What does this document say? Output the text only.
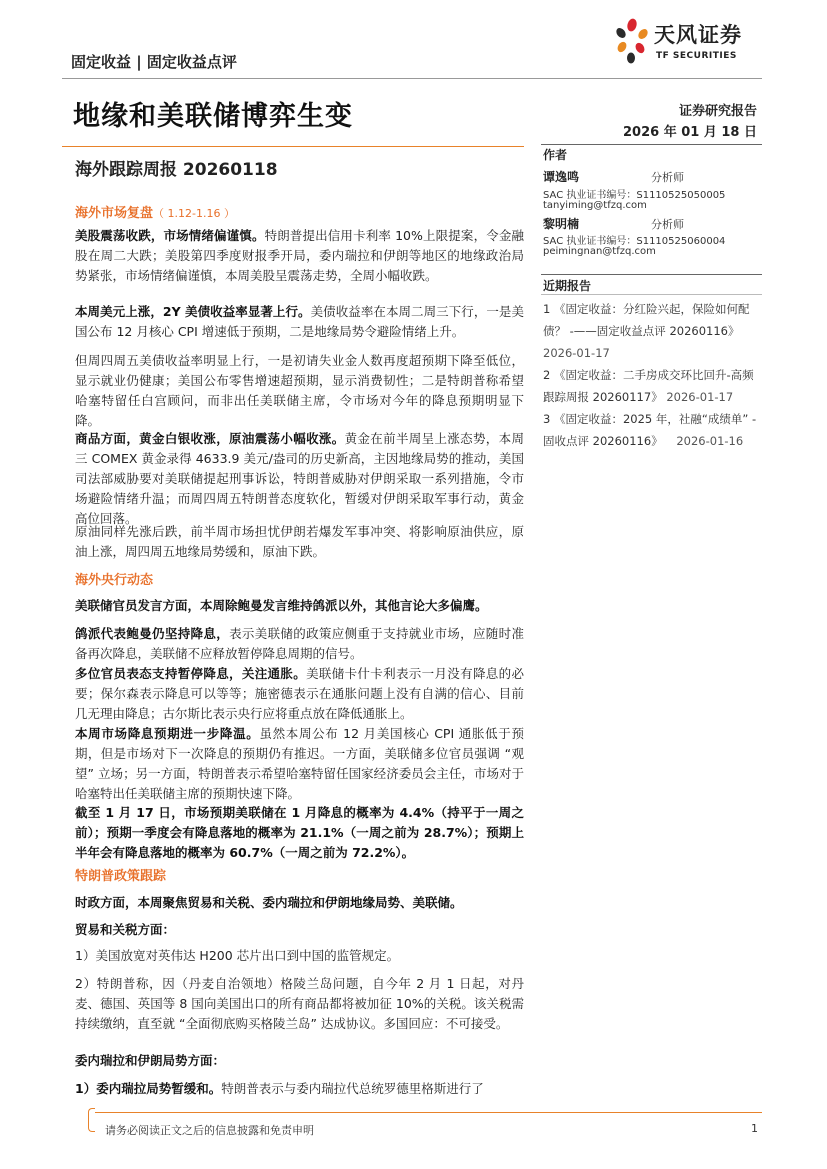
固定收益 | 固定收益点评
天风证券
TF SECURITIES
地缘和美联储博弈生变	证券研究报告
2026 年 01 月 18 日
海外跟踪周报 20260118
作者
谭逸鸣	分析师
SAC 执业证书编号：S1110525050005
tanyiming@tfzq.com
黎明楠	分析师
SAC 执业证书编号：S1110525060004
peimingnan@tfzq.com
近期报告
1 《固定收益：分红险兴起，保险如何配债？ -——固定收益点评 20260116》
2026-01-17
2 《固定收益：二手房成交环比回升-高频跟踪周报 20260117》 2026-01-17
3 《固定收益：2025 年，社融“成绩单” -固收点评 20260116》 2026-01-16
海外市场复盘（ 1.12-1.16 ）

美股震荡收跌，市场情绪偏谨慎。特朗普提出信用卡利率 10%上限提案，令金融股在周二大跌；美股第四季度财报季开局，委内瑞拉和伊朗等地区的地缘政治局势紧张，市场情绪偏谨慎，本周美股呈震荡走势，全周小幅收跌。

本周美元上涨，2Y 美债收益率显著上行。美债收益率在本周二周三下行，一是美国公布 12 月核心 CPI 增速低于预期，二是地缘局势令避险情绪上升。

但周四周五美债收益率明显上行，一是初请失业金人数再度超预期下降至低位，显示就业仍健康；美国公布零售增速超预期，显示消费韧性；二是特朗普称希望哈塞特留任白宫顾问，而非出任美联储主席，令市场对今年的降息预期明显下降。

商品方面，黄金白银收涨，原油震荡小幅收涨。黄金在前半周呈上涨态势，本周三 COMEX 黄金录得 4633.9 美元/盎司的历史新高，主因地缘局势的推动，美国司法部威胁要对美联储提起刑事诉讼，特朗普威胁对伊朗采取一系列措施，令市场避险情绪升温；而周四周五特朗普态度软化，暂缓对伊朗采取军事行动，黄金高位回落。

原油同样先涨后跌，前半周市场担忧伊朗若爆发军事冲突、将影响原油供应，原油上涨，周四周五地缘局势缓和，原油下跌。

海外央行动态
美联储官员发言方面，本周除鲍曼发言维持鸽派以外，其他言论大多偏鹰。

鸽派代表鲍曼仍坚持降息，表示美联储的政策应侧重于支持就业市场，应随时准备再次降息，美联储不应释放暂停降息周期的信号。

多位官员表态支持暂停降息，关注通胀。美联储卡什卡利表示一月没有降息的必要；保尔森表示降息可以等等；施密德表示在通胀问题上没有自满的信心、目前几无理由降息；古尔斯比表示央行应将重点放在降低通胀上。

本周市场降息预期进一步降温。虽然本周公布 12 月美国核心 CPI 通胀低于预期，但是市场对下一次降息的预期仍有推迟。一方面，美联储多位官员强调 “观望” 立场；另一方面，特朗普表示希望哈塞特留任国家经济委员会主任，市场对于哈塞特出任美联储主席的预期快速下降。

截至 1 月 17 日，市场预期美联储在 1 月降息的概率为 4.4%（持平于一周之前）；预期一季度会有降息落地的概率为 21.1%（一周之前为 28.7%）；预期上半年会有降息落地的概率为 60.7%（一周之前为 72.2%）。

特朗普政策跟踪
时政方面，本周聚焦贸易和关税、委内瑞拉和伊朗地缘局势、美联储。
贸易和关税方面：

1）美国放宽对英伟达 H200 芯片出口到中国的监管规定。

2）特朗普称，因（丹麦自治领地）格陵兰岛问题，自今年 2 月 1 日起，对丹麦、德国、英国等 8 国向美国出口的所有商品都将被加征 10%的关税。该关税需持续缴纳，直至就 “全面彻底购买格陵兰岛” 达成协议。多国回应：不可接受。

委内瑞拉和伊朗局势方面：

1）委内瑞拉局势暂缓和。特朗普表示与委内瑞拉代总统罗德里格斯进行了

请务必阅读正文之后的信息披露和免责申明	1
